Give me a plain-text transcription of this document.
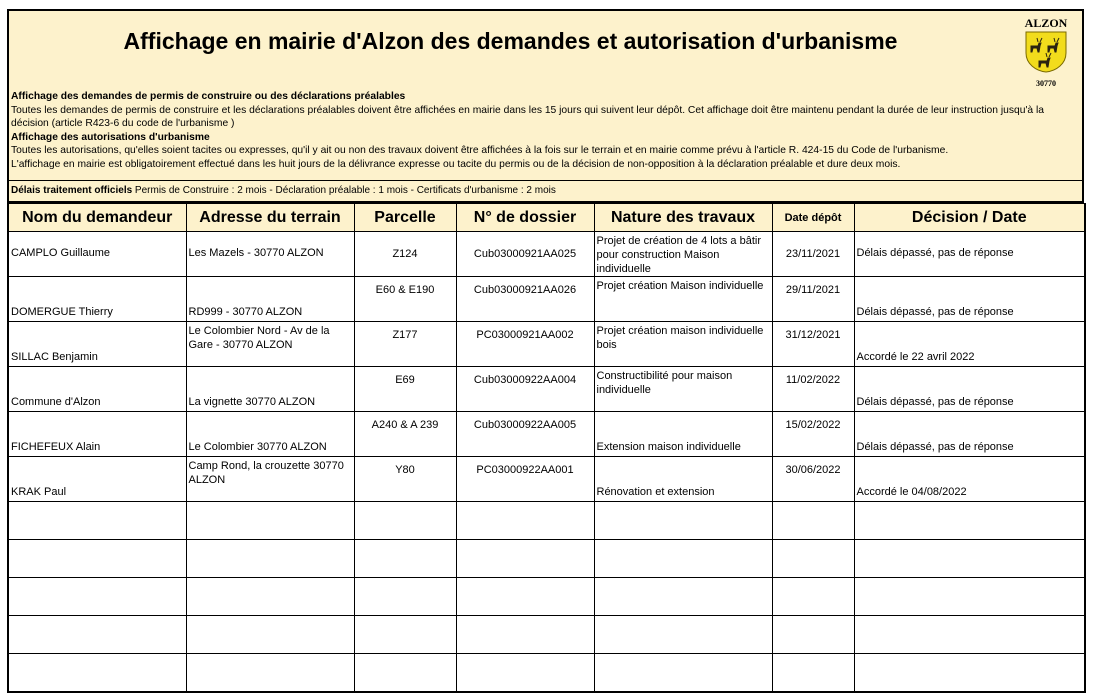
Affichage en mairie d'Alzon des demandes et autorisation d'urbanisme
ALZON
30770
Affichage des demandes de permis de construire ou des déclarations préalables
Toutes les demandes de permis de construire et les déclarations préalables doivent être affichées en mairie dans les 15 jours qui suivent leur dépôt. Cet affichage doit être maintenu pendant la durée de leur instruction jusqu'à la décision (article R423-6 du code de l'urbanisme )
Affichage des autorisations d'urbanisme
Toutes les autorisations, qu'elles soient tacites ou expresses, qu'il y ait ou non des travaux doivent être affichées à la fois sur le terrain et en mairie comme prévu à l'article R. 424-15 du Code de l'urbanisme.
L'affichage en mairie est obligatoirement effectué dans les huit jours de la délivrance expresse ou tacite du permis ou de la décision de non-opposition à la déclaration préalable et dure deux mois.
Délais traitement officiels Permis de Construire : 2 mois - Déclaration préalable : 1 mois - Certificats d'urbanisme : 2 mois
Nom du demandeur	Adresse du terrain	Parcelle	N° de dossier	Nature des travaux	Date dépôt	Décision / Date
CAMPLO Guillaume	Les Mazels - 30770 ALZON	Z124	Cub03000921AA025	Projet de création de 4 lots a bâtir pour construction Maison individuelle	23/11/2021	Délais dépassé, pas de réponse
DOMERGUE Thierry	RD999 - 30770 ALZON	E60 & E190	Cub03000921AA026	Projet création Maison individuelle	29/11/2021	Délais dépassé, pas de réponse
SILLAC Benjamin	Le Colombier Nord - Av de la Gare - 30770 ALZON	Z177	PC03000921AA002	Projet création maison individuelle bois	31/12/2021	Accordé le 22 avril 2022
Commune d'Alzon	La vignette 30770 ALZON	E69	Cub03000922AA004	Constructibilité pour maison individuelle	11/02/2022	Délais dépassé, pas de réponse
FICHEFEUX Alain	Le Colombier 30770 ALZON	A240 & A 239	Cub03000922AA005	Extension maison individuelle	15/02/2022	Délais dépassé, pas de réponse
KRAK Paul	Camp Rond, la crouzette 30770 ALZON	Y80	PC03000922AA001	Rénovation et extension	30/06/2022	Accordé le 04/08/2022
